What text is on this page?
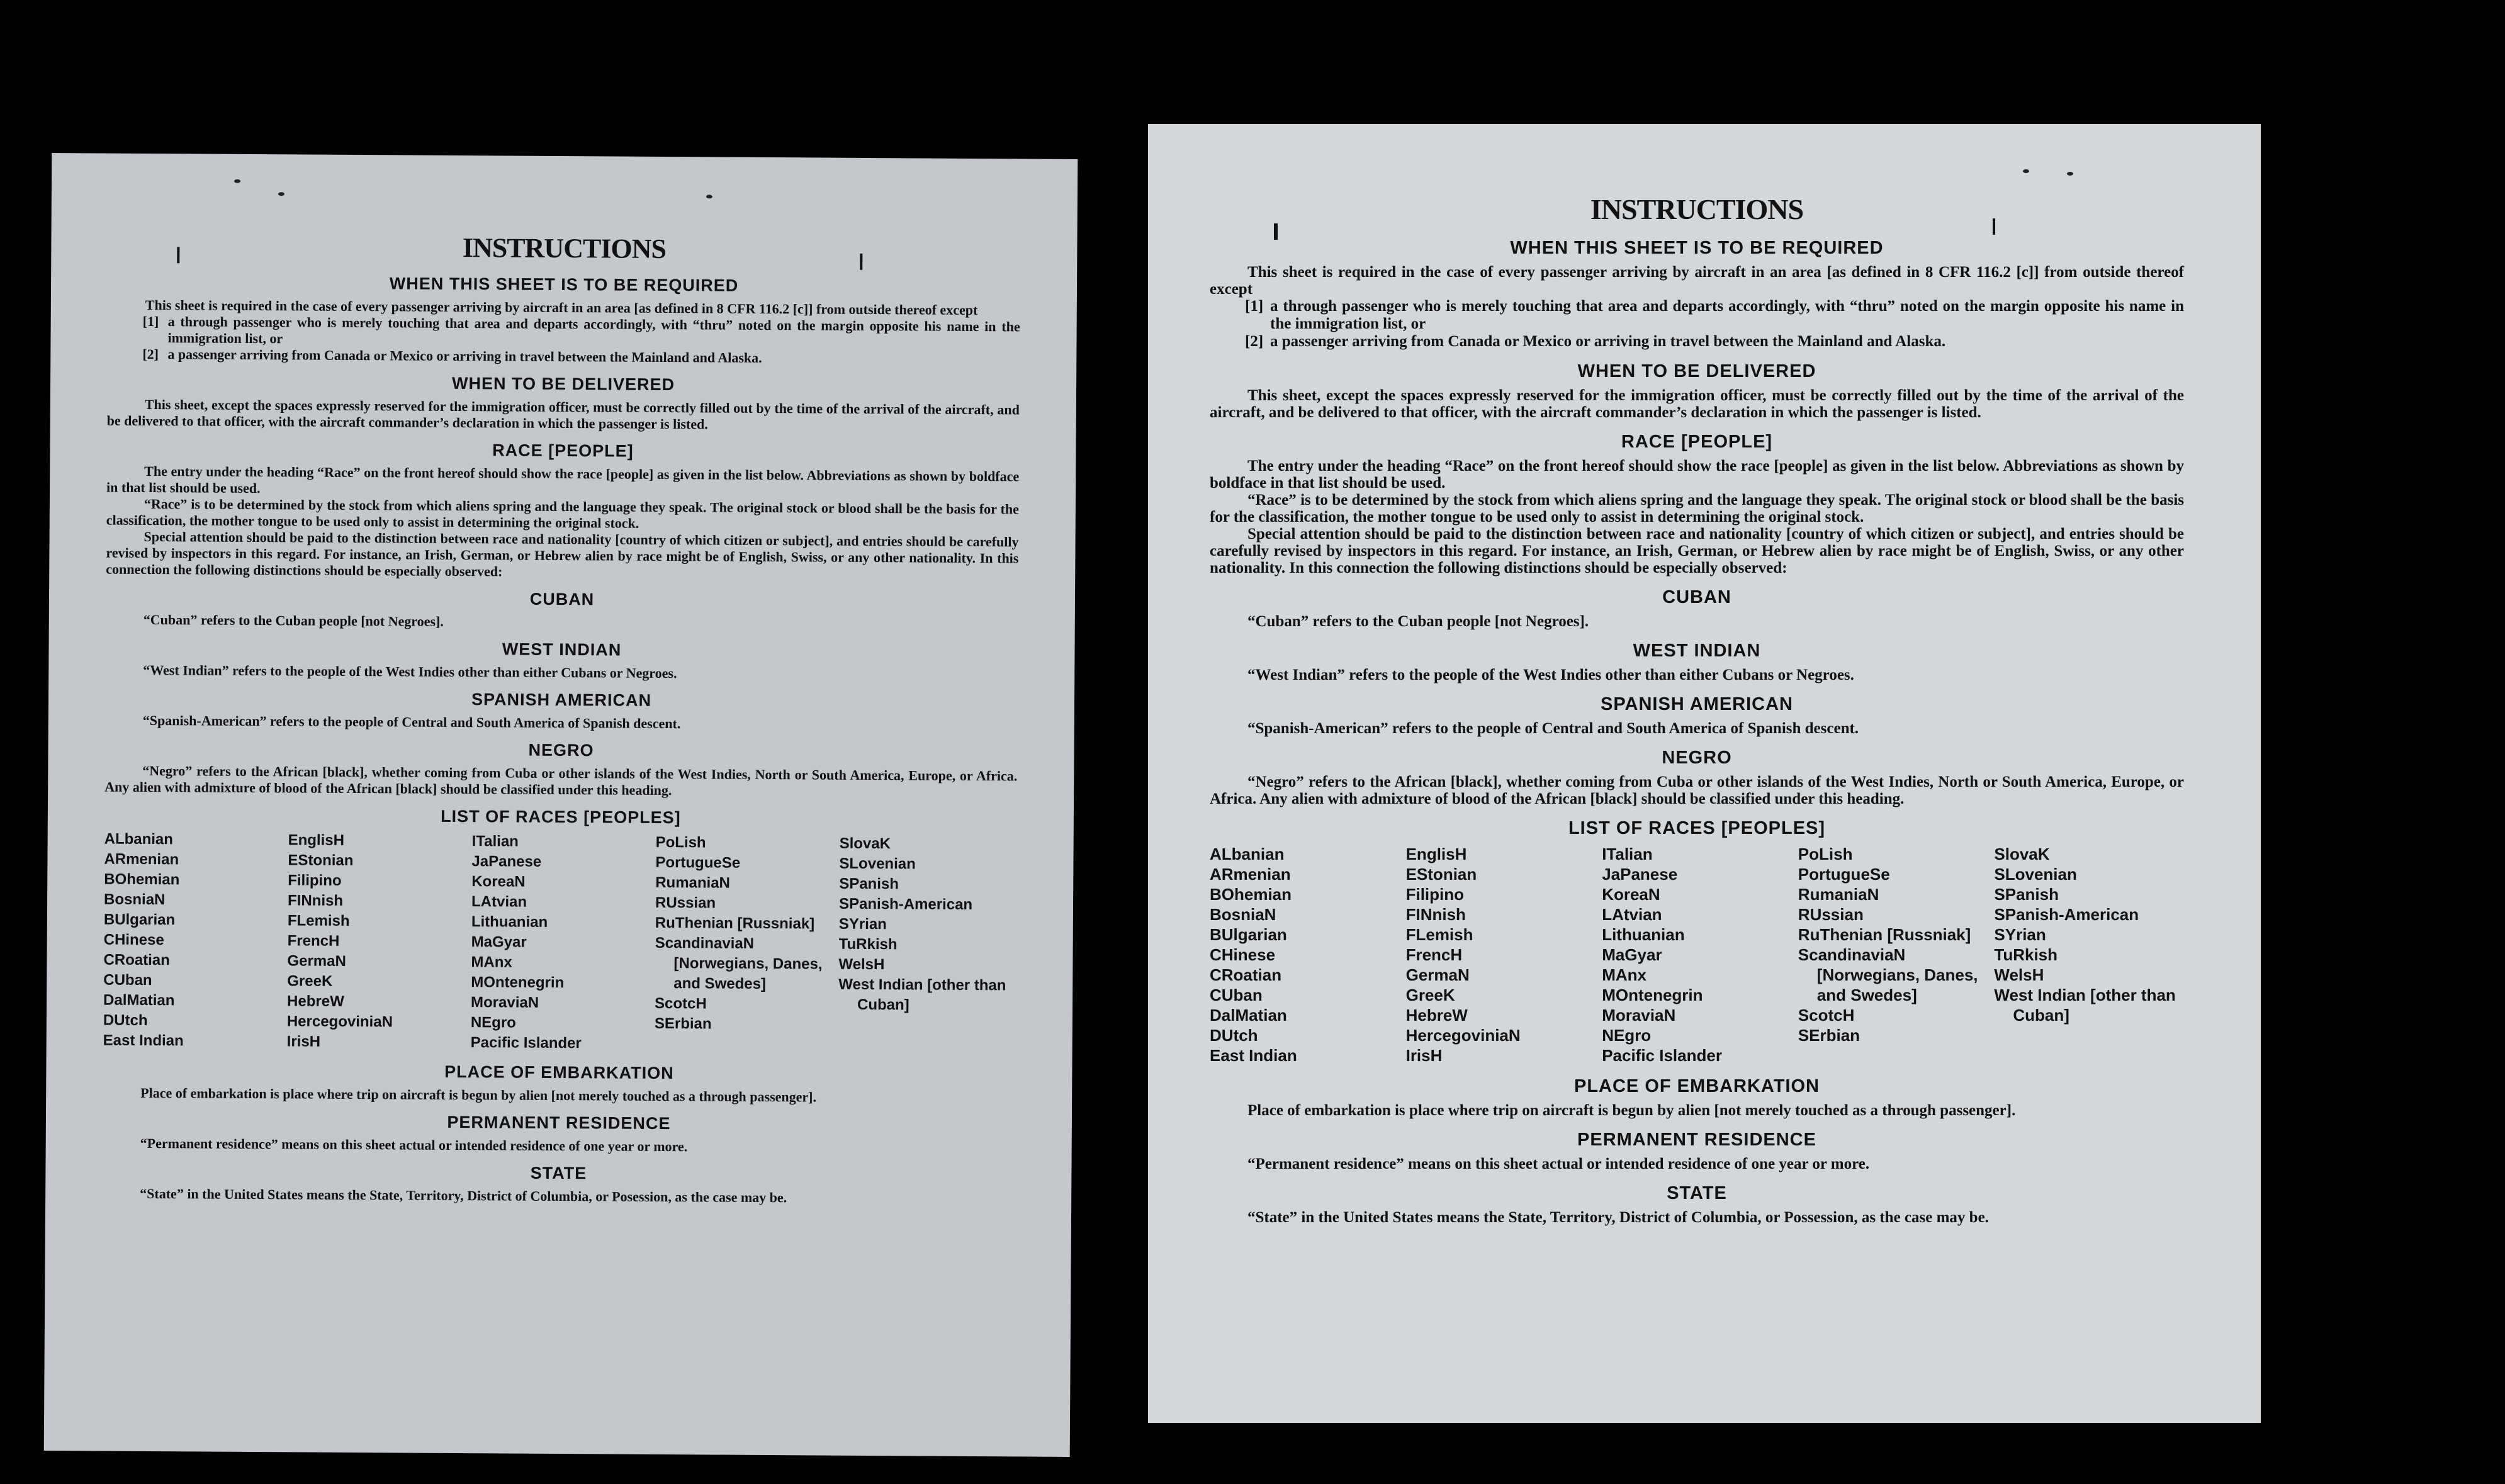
INSTRUCTIONS
WHEN THIS SHEET IS TO BE REQUIRED

This sheet is required in the case of every passenger arriving by aircraft in an area [as defined in 8 CFR 116.2 [c]] from outside thereof except

[1] a through passenger who is merely touching that area and departs accordingly, with “thru” noted on the margin opposite his name in the immigration list, or
[2] a passenger arriving from Canada or Mexico or arriving in travel between the Mainland and Alaska.
WHEN TO BE DELIVERED

This sheet, except the spaces expressly reserved for the immigration officer, must be correctly filled out by the time of the arrival of the aircraft, and be delivered to that officer, with the aircraft commander’s declaration in which the passenger is listed.

RACE [PEOPLE]

The entry under the heading “Race” on the front hereof should show the race [people] as given in the list below. Abbreviations as shown by boldface in that list should be used.

“Race” is to be determined by the stock from which aliens spring and the language they speak. The original stock or blood shall be the basis for the classification, the mother tongue to be used only to assist in determining the original stock.

Special attention should be paid to the distinction between race and nationality [country of which citizen or subject], and entries should be carefully revised by inspectors in this regard. For instance, an Irish, German, or Hebrew alien by race might be of English, Swiss, or any other nationality. In this connection the following distinctions should be especially observed:

CUBAN

“Cuban” refers to the Cuban people [not Negroes].

WEST INDIAN

“West Indian” refers to the people of the West Indies other than either Cubans or Negroes.

SPANISH AMERICAN

“Spanish-American” refers to the people of Central and South America of Spanish descent.

NEGRO

“Negro” refers to the African [black], whether coming from Cuba or other islands of the West Indies, North or South America, Europe, or Africa. Any alien with admixture of blood of the African [black] should be classified under this heading.

LIST OF RACES [PEOPLES]
ALbanian
ARmenian
BOhemian
BosniaN
BUlgarian
CHinese
CRoatian
CUban
DalMatian
DUtch
East Indian
EnglisH
EStonian
Filipino
FINnish
FLemish
FrencH
GermaN
GreeK
HebreW
HercegoviniaN
IrisH
ITalian
JaPanese
KoreaN
LAtvian
Lithuanian
MaGyar
MAnx
MOntenegrin
MoraviaN
NEgro
Pacific Islander
PoLish
PortugueSe
RumaniaN
RUssian
RuThenian [Russniak]
ScandinaviaN [Norwegians, Danes, and Swedes]
ScotcH
SErbian
SlovaK
SLovenian
SPanish
SPanish-American
SYrian
TuRkish
WelsH
West Indian [other than Cuban]
PLACE OF EMBARKATION

Place of embarkation is place where trip on aircraft is begun by alien [not merely touched as a through passenger].

PERMANENT RESIDENCE

“Permanent residence” means on this sheet actual or intended residence of one year or more.

STATE

“State” in the United States means the State, Territory, District of Columbia, or Posession, as the case may be.

INSTRUCTIONS
WHEN THIS SHEET IS TO BE REQUIRED

This sheet is required in the case of every passenger arriving by aircraft in an area [as defined in 8 CFR 116.2 [c]] from outside thereof except

[1] a through passenger who is merely touching that area and departs accordingly, with “thru” noted on the margin opposite his name in the immigration list, or
[2] a passenger arriving from Canada or Mexico or arriving in travel between the Mainland and Alaska.
WHEN TO BE DELIVERED

This sheet, except the spaces expressly reserved for the immigration officer, must be correctly filled out by the time of the arrival of the aircraft, and be delivered to that officer, with the aircraft commander’s declaration in which the passenger is listed.

RACE [PEOPLE]

The entry under the heading “Race” on the front hereof should show the race [people] as given in the list below. Abbreviations as shown by boldface in that list should be used.

“Race” is to be determined by the stock from which aliens spring and the language they speak. The original stock or blood shall be the basis for the classification, the mother tongue to be used only to assist in determining the original stock.

Special attention should be paid to the distinction between race and nationality [country of which citizen or subject], and entries should be carefully revised by inspectors in this regard. For instance, an Irish, German, or Hebrew alien by race might be of English, Swiss, or any other nationality. In this connection the following distinctions should be especially observed:

CUBAN

“Cuban” refers to the Cuban people [not Negroes].

WEST INDIAN

“West Indian” refers to the people of the West Indies other than either Cubans or Negroes.

SPANISH AMERICAN

“Spanish-American” refers to the people of Central and South America of Spanish descent.

NEGRO

“Negro” refers to the African [black], whether coming from Cuba or other islands of the West Indies, North or South America, Europe, or Africa. Any alien with admixture of blood of the African [black] should be classified under this heading.

LIST OF RACES [PEOPLES]
ALbanian
ARmenian
BOhemian
BosniaN
BUlgarian
CHinese
CRoatian
CUban
DalMatian
DUtch
East Indian
EnglisH
EStonian
Filipino
FINnish
FLemish
FrencH
GermaN
GreeK
HebreW
HercegoviniaN
IrisH
ITalian
JaPanese
KoreaN
LAtvian
Lithuanian
MaGyar
MAnx
MOntenegrin
MoraviaN
NEgro
Pacific Islander
PoLish
PortugueSe
RumaniaN
RUssian
RuThenian [Russniak]
ScandinaviaN [Norwegians, Danes, and Swedes]
ScotcH
SErbian
SlovaK
SLovenian
SPanish
SPanish-American
SYrian
TuRkish
WelsH
West Indian [other than Cuban]
PLACE OF EMBARKATION

Place of embarkation is place where trip on aircraft is begun by alien [not merely touched as a through passenger].

PERMANENT RESIDENCE

“Permanent residence” means on this sheet actual or intended residence of one year or more.

STATE

“State” in the United States means the State, Territory, District of Columbia, or Possession, as the case may be.
